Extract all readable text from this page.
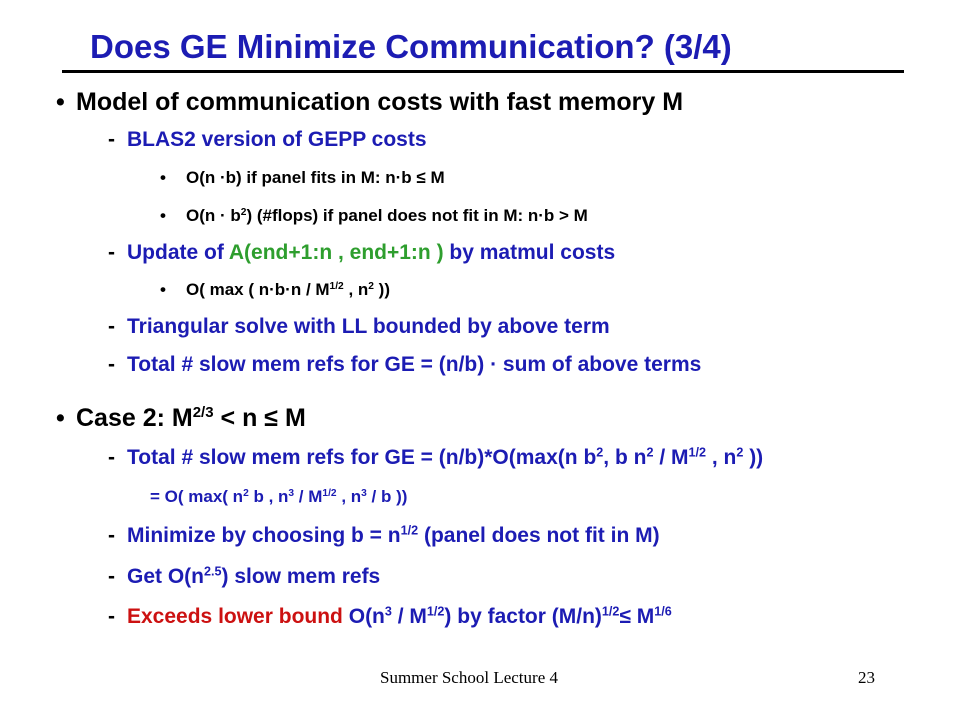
Does GE Minimize Communication? (3/4)
• Model of communication costs with fast memory M
- BLAS2 version of GEPP costs
• O(n ·b) if panel fits in M: n·b ≤ M
• $O(n \cdot b^2)$ (#flops) if panel does not fit in M: n·b > M
- Update of A(end+1:n , end+1:n ) by matmul costs
• O( max ( $n\cdot b\cdot n / M^{1/2}$ , $n^2$ ))
- Triangular solve with LL bounded by above term
- Total # slow mem refs for GE = (n/b) · sum of above terms
• Case 2: $M^{2/3} < n \le M$
- Total # slow mem refs for GE = (n/b)*O(max(n $b^2$, b $n^2 / M^{1/2}$ , $n^2$ ))
= O( max( $n^2$ b , $n^3 / M^{1/2}$ , $n^3$ / b ))
- Minimize by choosing $b = n^{1/2}$ (panel does not fit in M)
- Get $O(n^{2.5})$ slow mem refs
- Exceeds lower bound $O(n^3 / M^{1/2})$ by factor $(M/n)^{1/2}\le M^{1/6}$
Summer School Lecture 4	23
